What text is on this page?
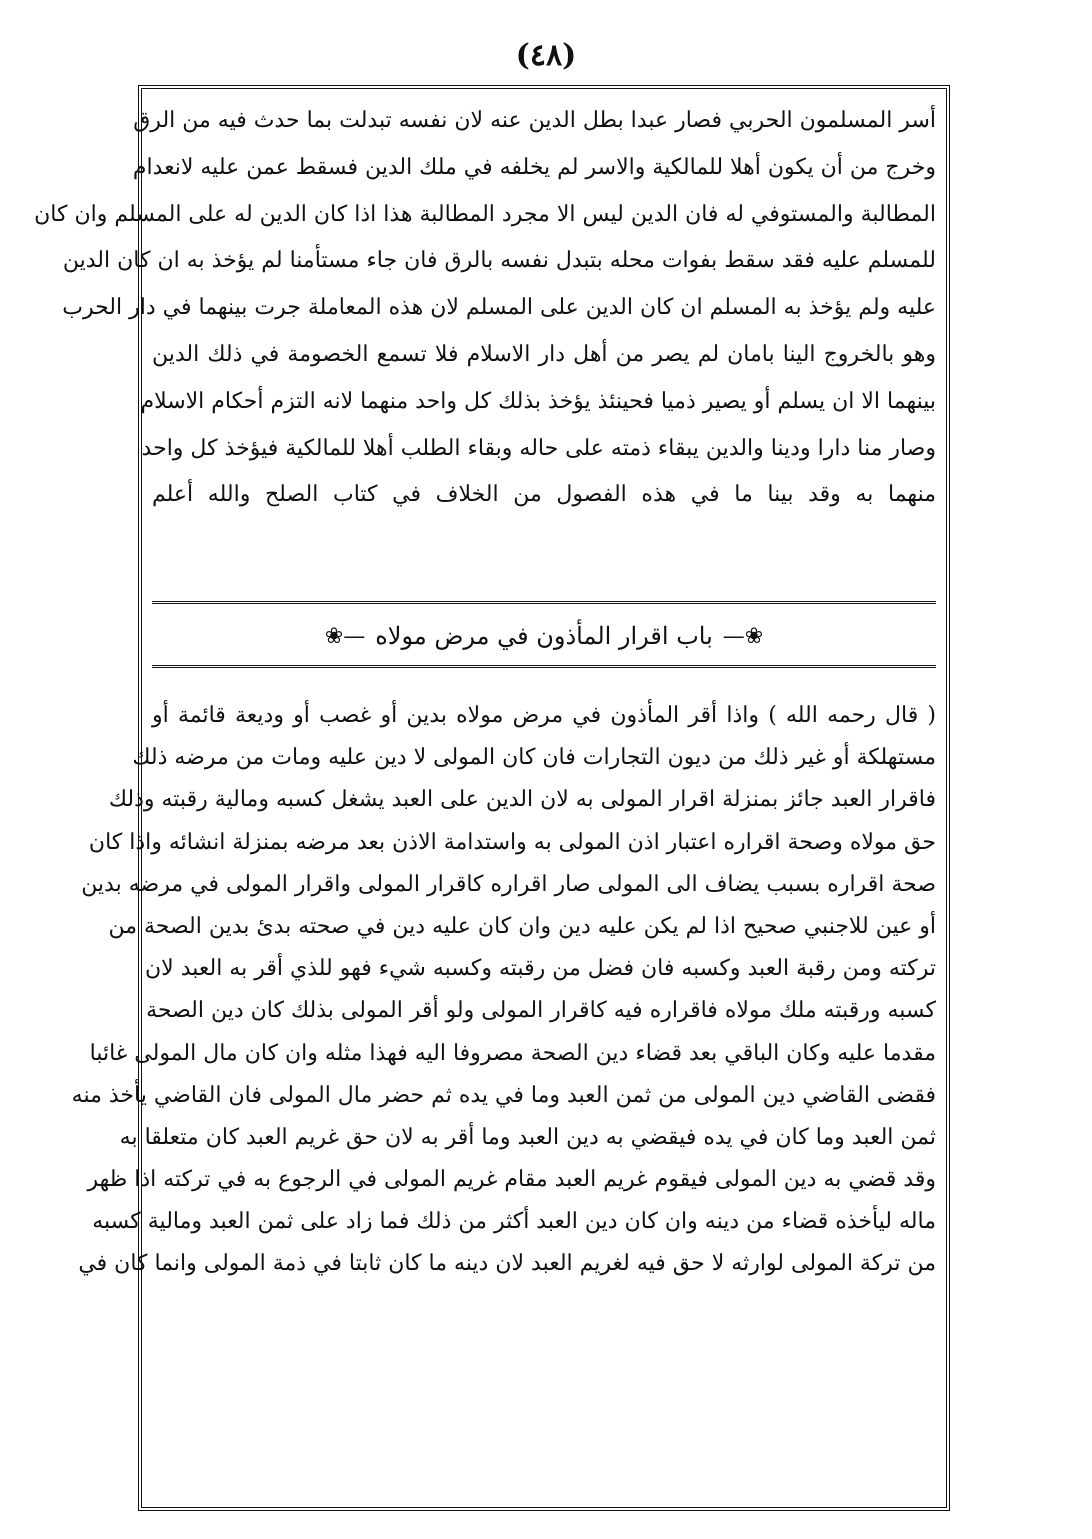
(٤٨)
أسر المسلمون الحربي فصار عبدا بطل الدين عنه لان نفسه تبدلت بما حدث فيه من الرق
وخرج من أن يكون أهلا للمالكية والاسر لم يخلفه في ملك الدين فسقط عمن عليه لانعدام
المطالبة والمستوفي له فان الدين ليس الا مجرد المطالبة هذا اذا كان الدين له على المسلم وان كان
للمسلم عليه فقد سقط بفوات محله بتبدل نفسه بالرق فان جاء مستأمنا لم يؤخذ به ان كان الدين
عليه ولم يؤخذ به المسلم ان كان الدين على المسلم لان هذه المعاملة جرت بينهما في دار الحرب
وهو بالخروج الينا بامان لم يصر من أهل دار الاسلام فلا تسمع الخصومة في ذلك الدين
بينهما الا ان يسلم أو يصير ذميا فحينئذ يؤخذ بذلك كل واحد منهما لانه التزم أحكام الاسلام
وصار منا دارا ودينا والدين يبقاء ذمته على حاله وبقاء الطلب أهلا للمالكية فيؤخذ كل واحد
منهما به وقد بينا ما في هذه الفصول من الخلاف في كتاب الصلح والله أعلم
❀—
باب اقرار المأذون في مرض مولاه
—❀
( قال رحمه الله ) واذا أقر المأذون في مرض مولاه بدين أو غصب أو وديعة قائمة أو
مستهلكة أو غير ذلك من ديون التجارات فان كان المولى لا دين عليه ومات من مرضه ذلك
فاقرار العبد جائز بمنزلة اقرار المولى به لان الدين على العبد يشغل كسبه ومالية رقبته وذلك
حق مولاه وصحة اقراره اعتبار اذن المولى به واستدامة الاذن بعد مرضه بمنزلة انشائه واذا كان
صحة اقراره بسبب يضاف الى المولى صار اقراره كاقرار المولى واقرار المولى في مرضه بدين
أو عين للاجنبي صحيح اذا لم يكن عليه دين وان كان عليه دين في صحته بدئ بدين الصحة من
تركته ومن رقبة العبد وكسبه فان فضل من رقبته وكسبه شيء فهو للذي أقر به العبد لان
كسبه ورقبته ملك مولاه فاقراره فيه كاقرار المولى ولو أقر المولى بذلك كان دين الصحة
مقدما عليه وكان الباقي بعد قضاء دين الصحة مصروفا اليه فهذا مثله وان كان مال المولى غائبا
فقضى القاضي دين المولى من ثمن العبد وما في يده ثم حضر مال المولى فان القاضي يأخذ منه
ثمن العبد وما كان في يده فيقضي به دين العبد وما أقر به لان حق غريم العبد كان متعلقا به
وقد قضي به دين المولى فيقوم غريم العبد مقام غريم المولى في الرجوع به في تركته اذا ظهر
ماله ليأخذه قضاء من دينه وان كان دين العبد أكثر من ذلك فما زاد على ثمن العبد ومالية كسبه
من تركة المولى لوارثه لا حق فيه لغريم العبد لان دينه ما كان ثابتا في ذمة المولى وانما كان في
